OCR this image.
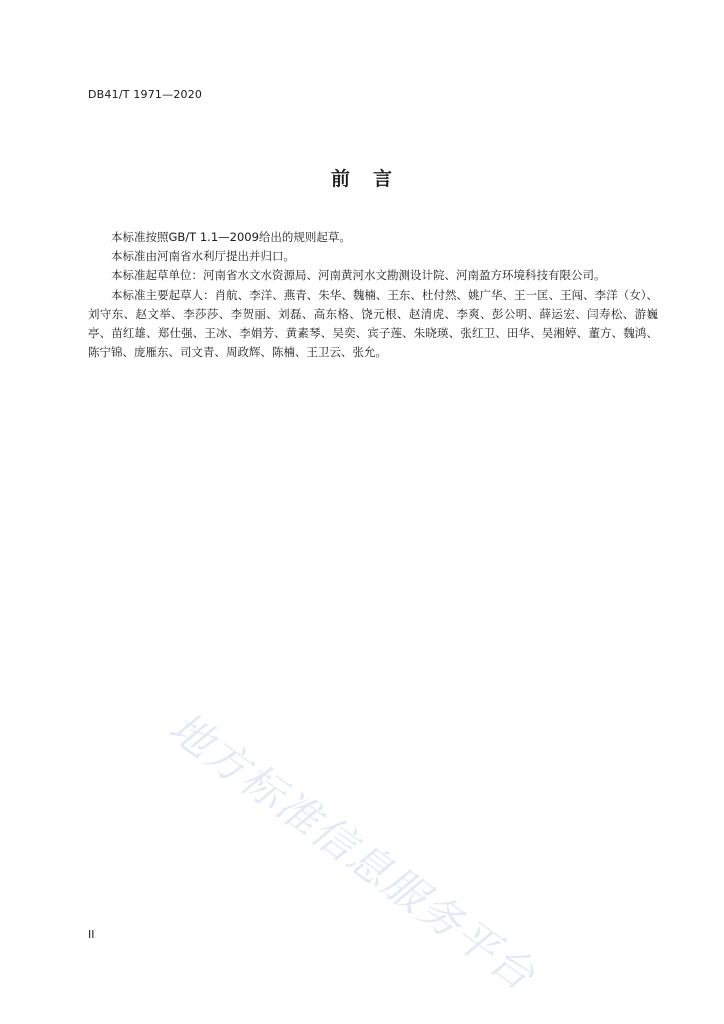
DB41/T 1971—2020
前 言

本标准按照GB/T 1.1—2009给出的规则起草。

本标准由河南省水利厅提出并归口。

本标准起草单位：河南省水文水资源局、河南黄河水文勘测设计院、河南盈方环境科技有限公司。

本标准主要起草人：肖航、李洋、燕青、朱华、魏楠、王东、杜付然、姚广华、王一匡、王闯、李洋（女）、刘守东、赵文举、李莎莎、李贺丽、刘磊、高东格、饶元根、赵清虎、李爽、彭公明、薛运宏、闫寿松、游巍亭、苗红雄、郑仕强、王冰、李娟芳、黄素琴、吴奕、宾子莲、朱晓瑛、张红卫、田华、吴湘婷、董方、魏鸿、陈宁锦、庞雁东、司文青、周政辉、陈楠、王卫云、张允。

地方标准信息服务平台
II
